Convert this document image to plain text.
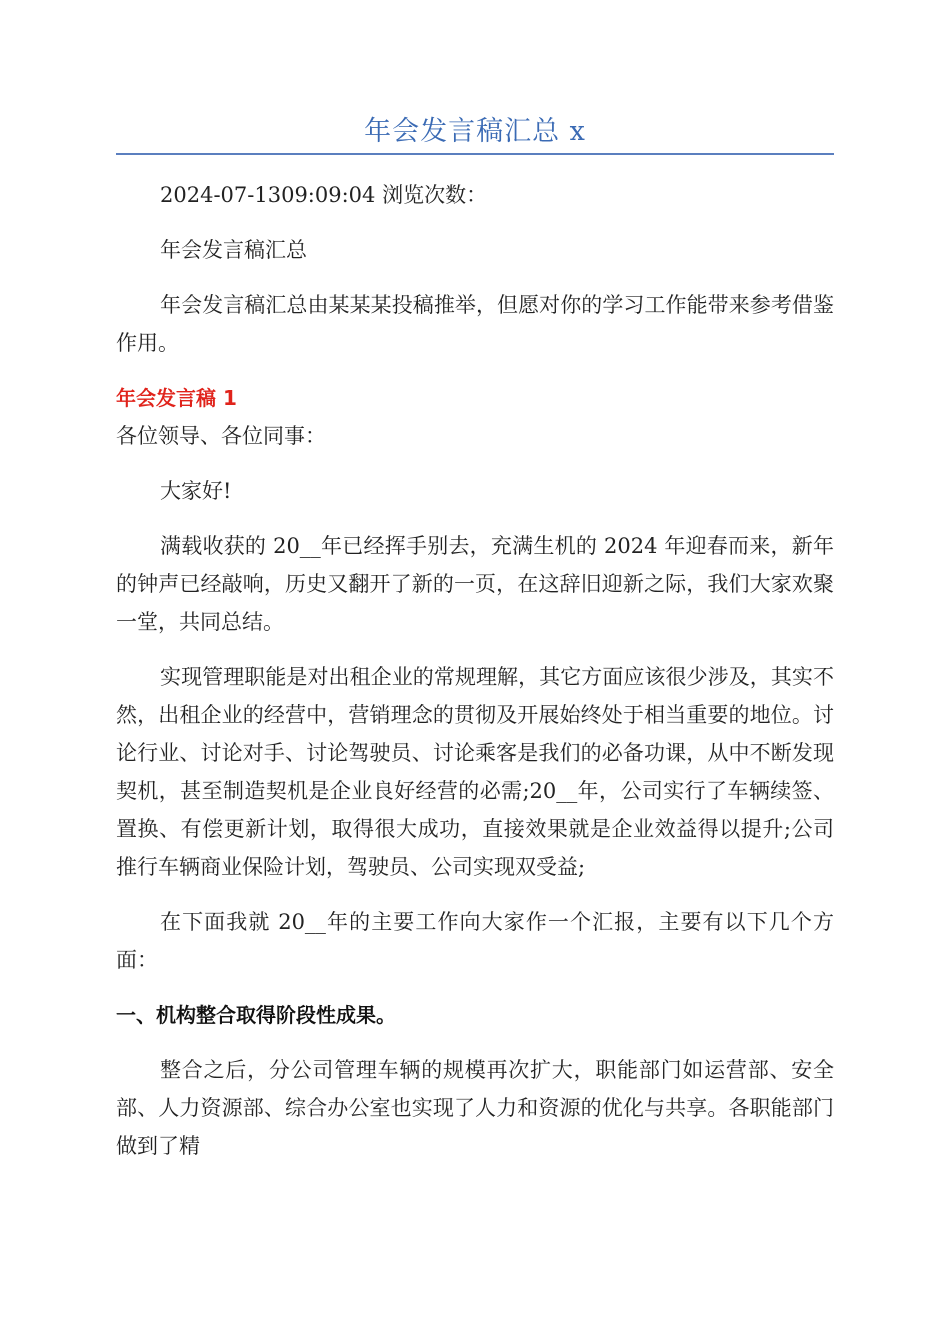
年会发言稿汇总 x

2024-07-1309:09:04 浏览次数：

年会发言稿汇总

年会发言稿汇总由某某某投稿推举，但愿对你的学习工作能带来参考借鉴作用。

年会发言稿 1

各位领导、各位同事：

大家好!

满载收获的 20__年已经挥手别去，充满生机的 2024 年迎春而来，新年的钟声已经敲响，历史又翻开了新的一页，在这辞旧迎新之际，我们大家欢聚一堂，共同总结。

实现管理职能是对出租企业的常规理解，其它方面应该很少涉及，其实不然，出租企业的经营中，营销理念的贯彻及开展始终处于相当重要的地位。讨论行业、讨论对手、讨论驾驶员、讨论乘客是我们的必备功课，从中不断发现契机，甚至制造契机是企业良好经营的必需;20__年，公司实行了车辆续签、置换、有偿更新计划，取得很大成功，直接效果就是企业效益得以提升;公司推行车辆商业保险计划，驾驶员、公司实现双受益;

在下面我就 20__年的主要工作向大家作一个汇报，主要有以下几个方面：

一、机构整合取得阶段性成果。

整合之后，分公司管理车辆的规模再次扩大，职能部门如运营部、安全部、人力资源部、综合办公室也实现了人力和资源的优化与共享。各职能部门做到了精
